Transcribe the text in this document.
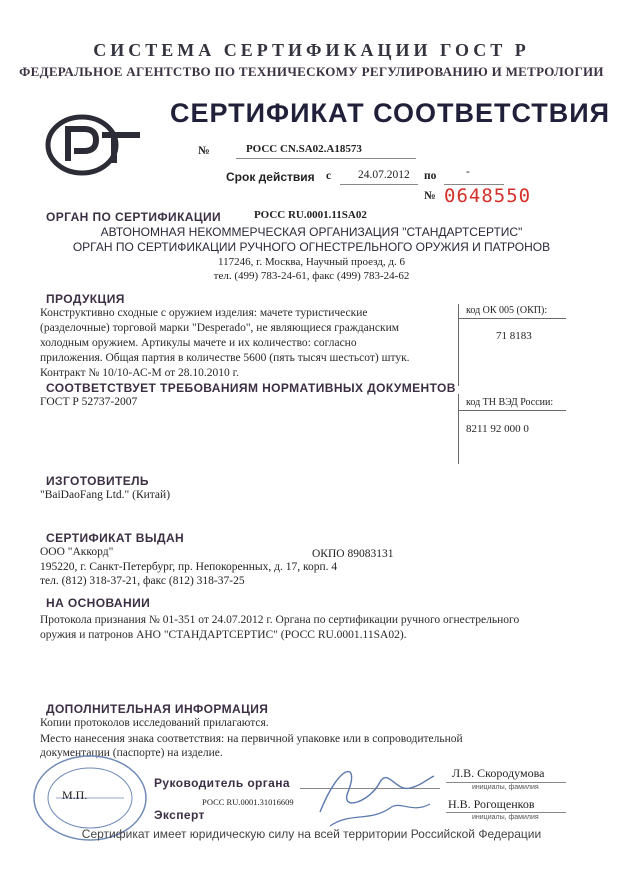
СИСТЕМА СЕРТИФИКАЦИИ ГОСТ Р
ФЕДЕРАЛЬНОЕ АГЕНТСТВО ПО ТЕХНИЧЕСКОМУ РЕГУЛИРОВАНИЮ И МЕТРОЛОГИИ
СЕРТИФИКАТ СООТВЕТСТВИЯ
№	РОСС CN.SA02.A18573
Срок действия с 24.07.2012 по	-
№ 0648550
ОРГАН ПО СЕРТИФИКАЦИИ	РОСС RU.0001.11SA02
АВТОНОМНАЯ НЕКОММЕРЧЕСКАЯ ОРГАНИЗАЦИЯ "СТАНДАРТСЕРТИС"
ОРГАН ПО СЕРТИФИКАЦИИ РУЧНОГО ОГНЕСТРЕЛЬНОГО ОРУЖИЯ И ПАТРОНОВ
117246, г. Москва, Научный проезд, д. 6
тел. (499) 783-24-61, факс (499) 783-24-62
ПРОДУКЦИЯ
Конструктивно сходные с оружием изделия: мачете туристические
(разделочные) торговой марки "Desperado", не являющиеся гражданским
холодным оружием. Артикулы мачете и их количество: согласно
приложения. Общая партия в количестве 5600 (пять тысяч шестьсот) штук.
Контракт № 10/10-АС-М от 28.10.2010 г.
код ОК 005 (ОКП):
71 8183
СООТВЕТСТВУЕТ ТРЕБОВАНИЯМ НОРМАТИВНЫХ ДОКУМЕНТОВ
ГОСТ Р 52737-2007	код ТН ВЭД России:
8211 92 000 0
ИЗГОТОВИТЕЛЬ
"BaiDaoFang Ltd." (Китай)
СЕРТИФИКАТ ВЫДАН
ООО "Аккорд"	ОКПО 89083131
195220, г. Санкт-Петербург, пр. Непокоренных, д. 17, корп. 4
тел. (812) 318-37-21, факс (812) 318-37-25
НА ОСНОВАНИИ
Протокола признания № 01-351 от 24.07.2012 г. Органа по сертификации ручного огнестрельного
оружия и патронов АНО "СТАНДАРТСЕРТИС" (РОСС RU.0001.11SA02).
ДОПОЛНИТЕЛЬНАЯ ИНФОРМАЦИЯ
Копии протоколов исследований прилагаются.
Место нанесения знака соответствия: на первичной упаковке или в сопроводительной
документации (паспорте) на изделие.
М.П.
Руководитель органа
Л.В. Скородумова
инициалы, фамилия
РОСС RU.0001.31016609
Эксперт
Н.В. Рогощенков
инициалы, фамилия
Сертификат имеет юридическую силу на всей территории Российской Федерации
